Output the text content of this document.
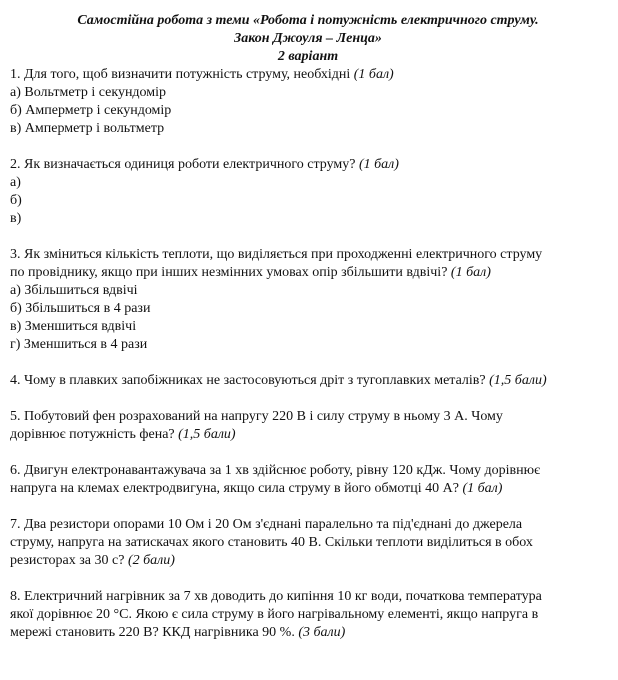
Самостійна робота з теми «Робота і потужність електричного струму.
Закон Джоуля – Ленца»
2 варіант
1. Для того, щоб визначити потужність струму, необхідні (1 бал)
а) Вольтметр і секундомір
б) Амперметр і секундомір
в) Амперметр і вольтметр
2. Як визначається одиниця роботи електричного струму? (1 бал)
а)
б)
в)
3. Як зміниться кількість теплоти, що виділяється при проходженні електричного струму
по провіднику, якщо при інших незмінних умовах опір збільшити вдвічі? (1 бал)
а) Збільшиться вдвічі
б) Збільшиться в 4 рази
в) Зменшиться вдвічі
г) Зменшиться в 4 рази
4. Чому в плавких запобіжниках не застосовуються дріт з тугоплавких металів? (1,5 бали)
5. Побутовий фен розрахований на напругу 220 В і силу струму в ньому 3 А. Чому
дорівнює потужність фена? (1,5 бали)
6. Двигун електронавантажувача за 1 хв здійснює роботу, рівну 120 кДж. Чому дорівнює
напруга на клемах електродвигуна, якщо сила струму в його обмотці 40 А? (1 бал)
7. Два резистори опорами 10 Ом і 20 Ом з'єднані паралельно та під'єднані до джерела
струму, напруга на затискачах якого становить 40 В. Скільки теплоти виділиться в обох
резисторах за 30 с? (2 бали)
8. Електричний нагрівник за 7 хв доводить до кипіння 10 кг води, початкова температура
якої дорівнює 20 °С. Якою є сила струму в його нагрівальному елементі, якщо напруга в
мережі становить 220 В? ККД нагрівника 90 %. (3 бали)
